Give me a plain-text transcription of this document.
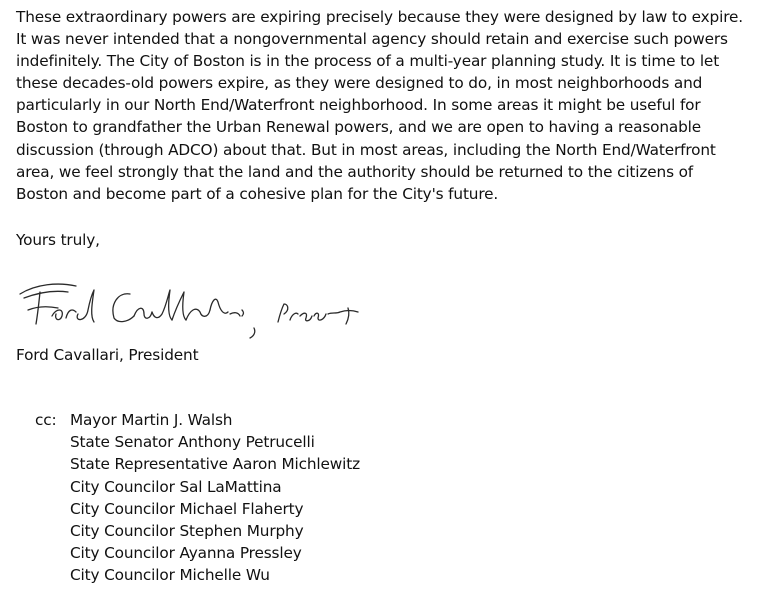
These extraordinary powers are expiring precisely because they were designed by law to expire.
It was never intended that a nongovernmental agency should retain and exercise such powers
indefinitely. The City of Boston is in the process of a multi-year planning study. It is time to let
these decades-old powers expire, as they were designed to do, in most neighborhoods and
particularly in our North End/Waterfront neighborhood. In some areas it might be useful for
Boston to grandfather the Urban Renewal powers, and we are open to having a reasonable
discussion (through ADCO) about that. But in most areas, including the North End/Waterfront
area, we feel strongly that the land and the authority should be returned to the citizens of
Boston and become part of a cohesive plan for the City's future.
Yours truly,
Ford Cavallari, President
cc: Mayor Martin J. Walsh
State Senator Anthony Petrucelli
State Representative Aaron Michlewitz
City Councilor Sal LaMattina
City Councilor Michael Flaherty
City Councilor Stephen Murphy
City Councilor Ayanna Pressley
City Councilor Michelle Wu
